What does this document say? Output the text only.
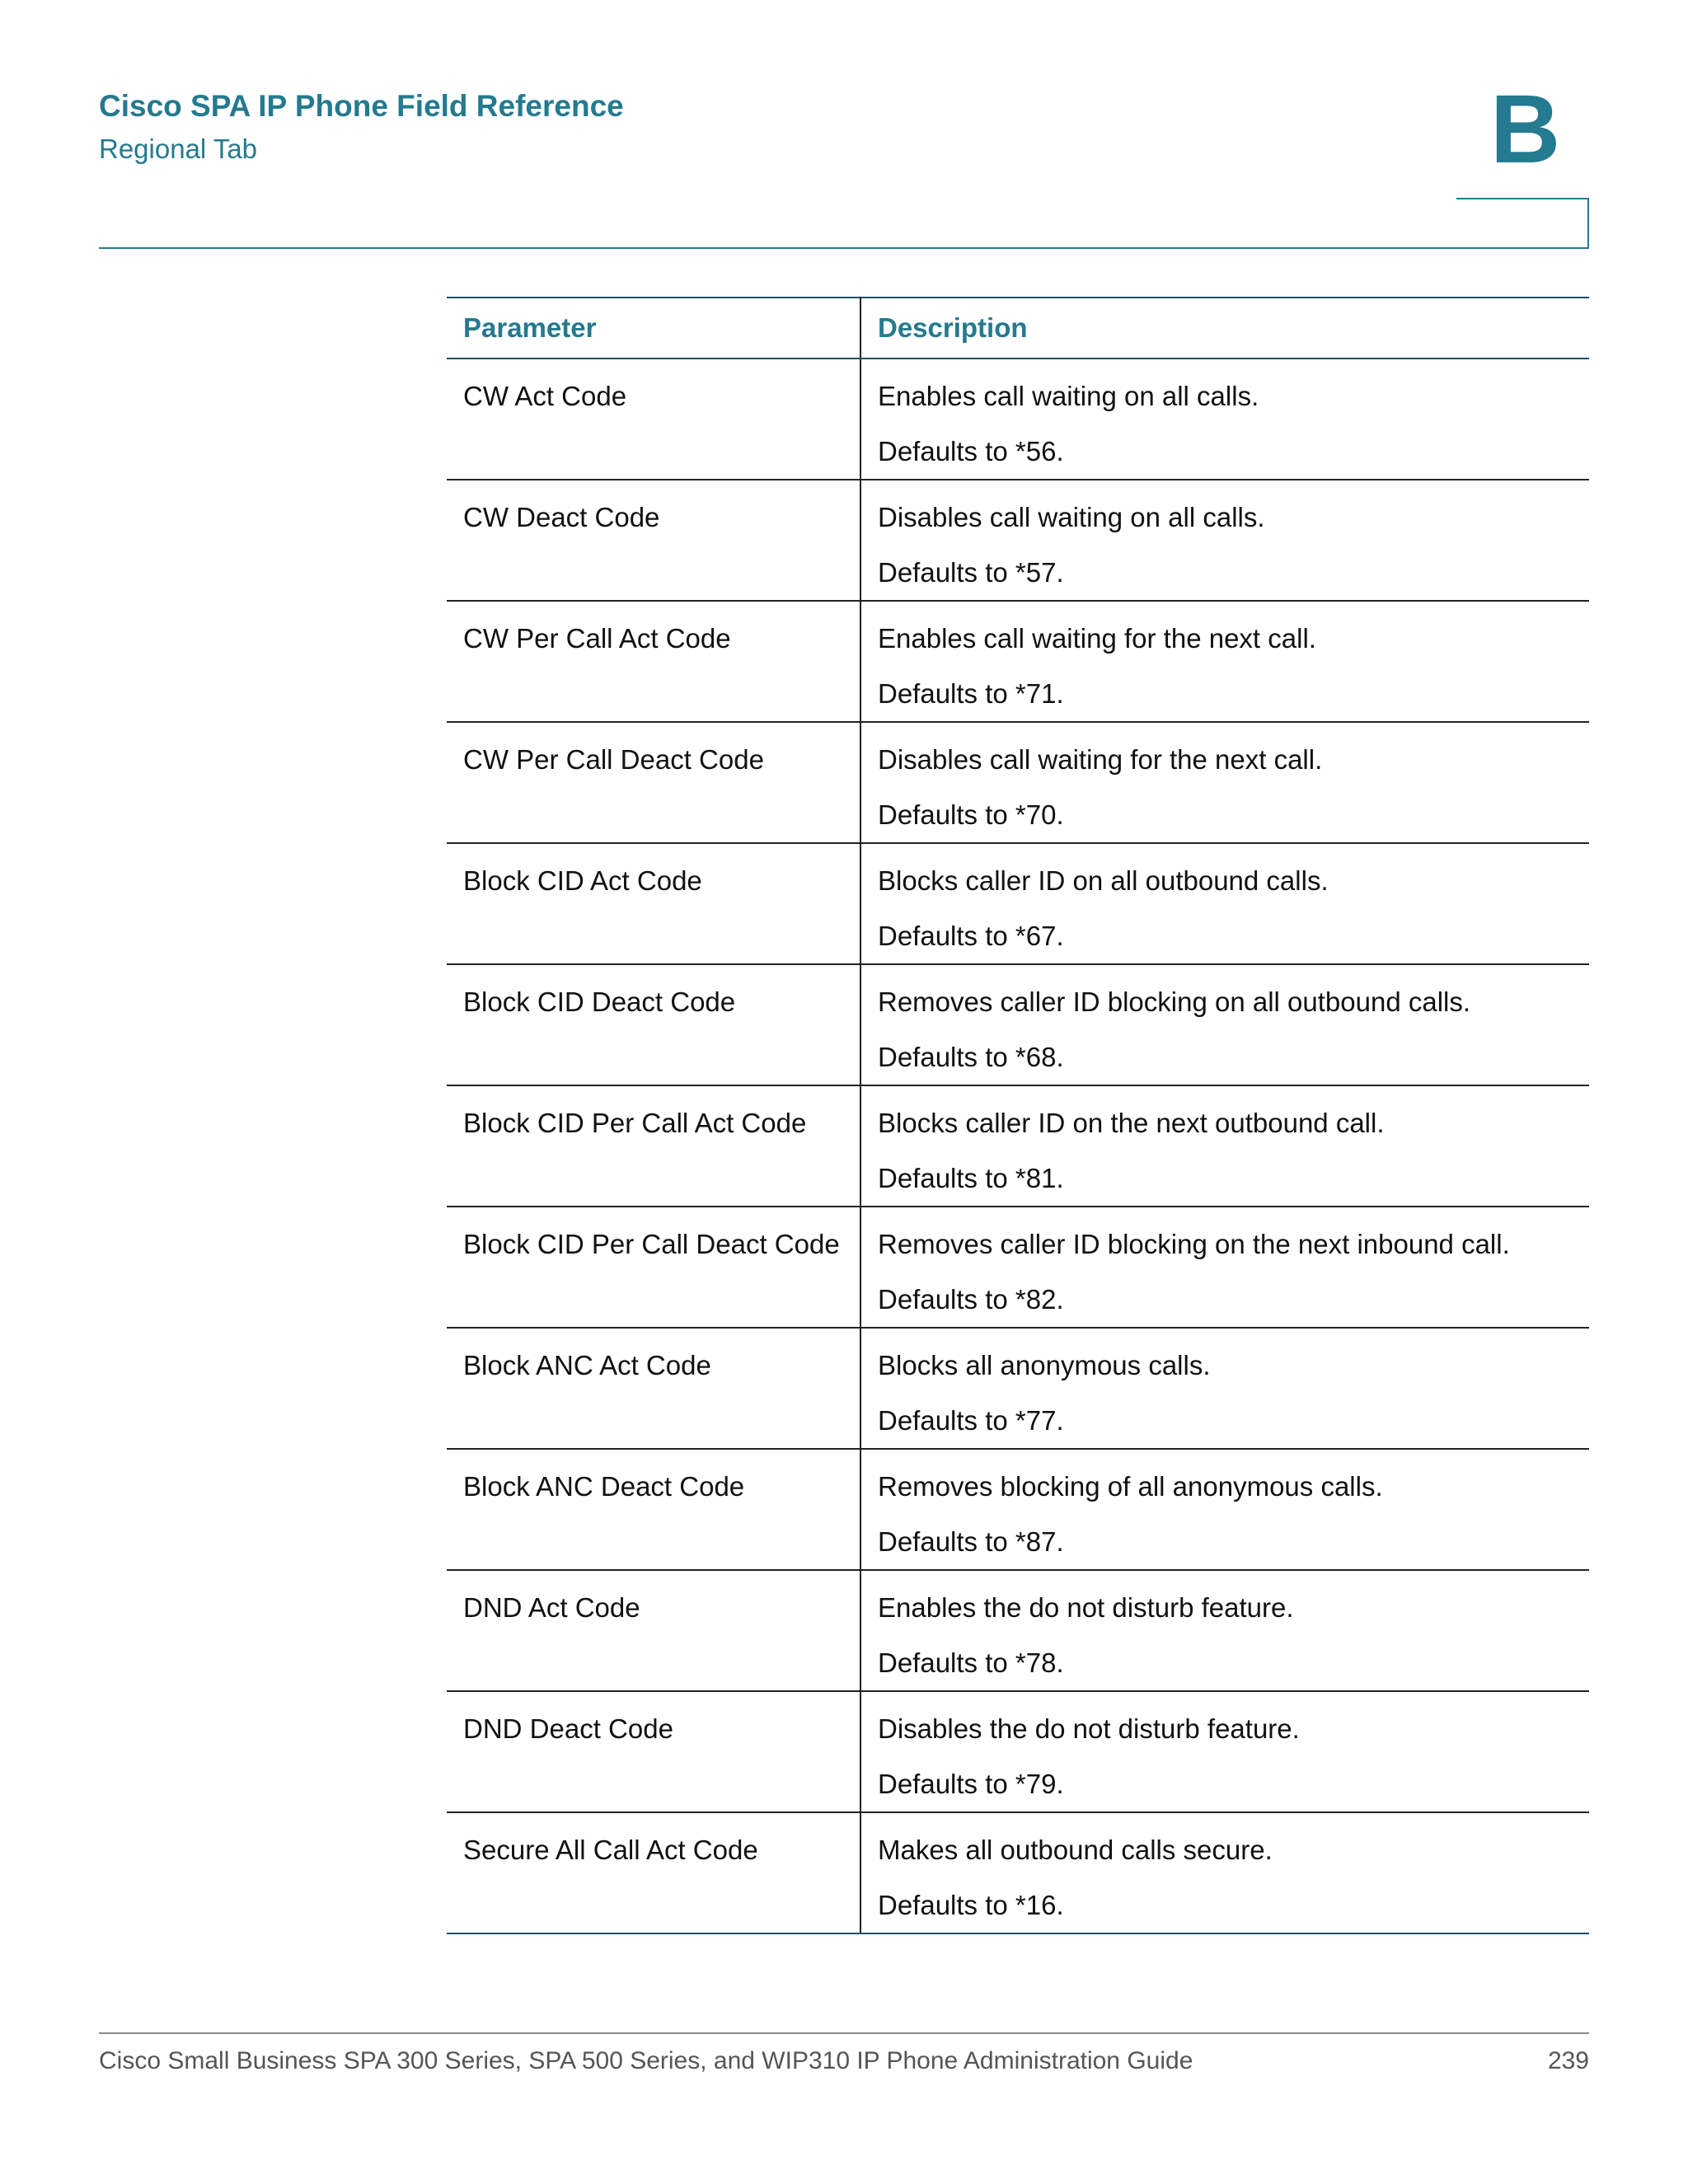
Cisco SPA IP Phone Field Reference
Regional Tab	B
Parameter	Description
CW Act Code	Enables call waiting on all calls.
Defaults to *56.

CW Deact Code	Disables call waiting on all calls.
Defaults to *57.

CW Per Call Act Code	Enables call waiting for the next call.
Defaults to *71.

CW Per Call Deact Code	Disables call waiting for the next call.
Defaults to *70.

Block CID Act Code	Blocks caller ID on all outbound calls.
Defaults to *67.

Block CID Deact Code	Removes caller ID blocking on all outbound calls.
Defaults to *68.

Block CID Per Call Act Code	Blocks caller ID on the next outbound call.
Defaults to *81.

Block CID Per Call Deact Code	Removes caller ID blocking on the next inbound call.
Defaults to *82.

Block ANC Act Code	Blocks all anonymous calls.
Defaults to *77.

Block ANC Deact Code	Removes blocking of all anonymous calls.
Defaults to *87.

DND Act Code	Enables the do not disturb feature.
Defaults to *78.

DND Deact Code	Disables the do not disturb feature.
Defaults to *79.

Secure All Call Act Code	Makes all outbound calls secure.
Defaults to *16.
Cisco Small Business SPA 300 Series, SPA 500 Series, and WIP310 IP Phone Administration Guide	239
